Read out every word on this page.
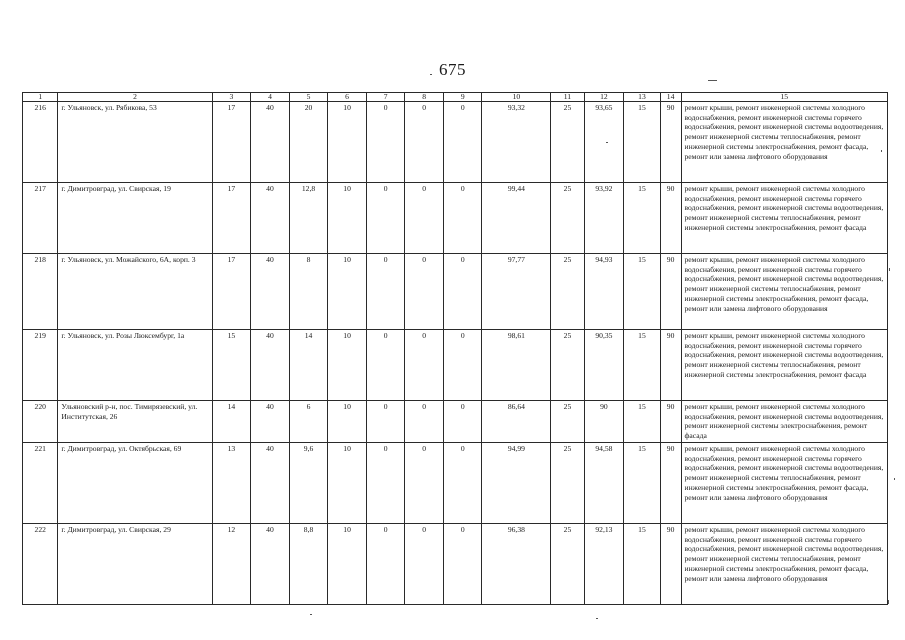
675
1	2	3	4	5	6	7	8	9	10	11	12	13	14	15
216	г. Ульяновск, ул. Рябикова, 53	17	40	20	10	0	0	0	93,32	25	93,65	15	90	ремонт крыши, ремонт инженерной системы холодного водоснабжения, ремонт инженерной системы горячего водоснабжения, ремонт инженерной системы водоотведения, ремонт инженерной системы теплоснабжения, ремонт инженерной системы электроснабжения, ремонт фасада, ремонт или замена лифтового оборудования
217	г. Димитровград, ул. Свирская, 19	17	40	12,8	10	0	0	0	99,44	25	93,92	15	90	ремонт крыши, ремонт инженерной системы холодного водоснабжения, ремонт инженерной системы горячего водоснабжения, ремонт инженерной системы водоотведения, ремонт инженерной системы теплоснабжения, ремонт инженерной системы электроснабжения, ремонт фасада
218	г. Ульяновск, ул. Можайского, 6А, корп. 3	17	40	8	10	0	0	0	97,77	25	94,93	15	90	ремонт крыши, ремонт инженерной системы холодного водоснабжения, ремонт инженерной системы горячего водоснабжения, ремонт инженерной системы водоотведения, ремонт инженерной системы теплоснабжения, ремонт инженерной системы электроснабжения, ремонт фасада, ремонт или замена лифтового оборудования
219	г. Ульяновск, ул. Розы Люксембург, 1а	15	40	14	10	0	0	0	98,61	25	90,35	15	90	ремонт крыши, ремонт инженерной системы холодного водоснабжения, ремонт инженерной системы горячего водоснабжения, ремонт инженерной системы водоотведения, ремонт инженерной системы теплоснабжения, ремонт инженерной системы электроснабжения, ремонт фасада
220	Ульяновский р-н, пос. Тимирязевский, ул. Институтская, 26	14	40	6	10	0	0	0	86,64	25	90	15	90	ремонт крыши, ремонт инженерной системы холодного водоснабжения, ремонт инженерной системы водоотведения, ремонт инженерной системы электроснабжения, ремонт фасада
221	г. Димитровград, ул. Октябрьская, 69	13	40	9,6	10	0	0	0	94,99	25	94,58	15	90	ремонт крыши, ремонт инженерной системы холодного водоснабжения, ремонт инженерной системы горячего водоснабжения, ремонт инженерной системы водоотведения, ремонт инженерной системы теплоснабжения, ремонт инженерной системы электроснабжения, ремонт фасада, ремонт или замена лифтового оборудования
222	г. Димитровград, ул. Свирская, 29	12	40	8,8	10	0	0	0	96,38	25	92,13	15	90	ремонт крыши, ремонт инженерной системы холодного водоснабжения, ремонт инженерной системы горячего водоснабжения, ремонт инженерной системы водоотведения, ремонт инженерной системы теплоснабжения, ремонт инженерной системы электроснабжения, ремонт фасада, ремонт или замена лифтового оборудования
